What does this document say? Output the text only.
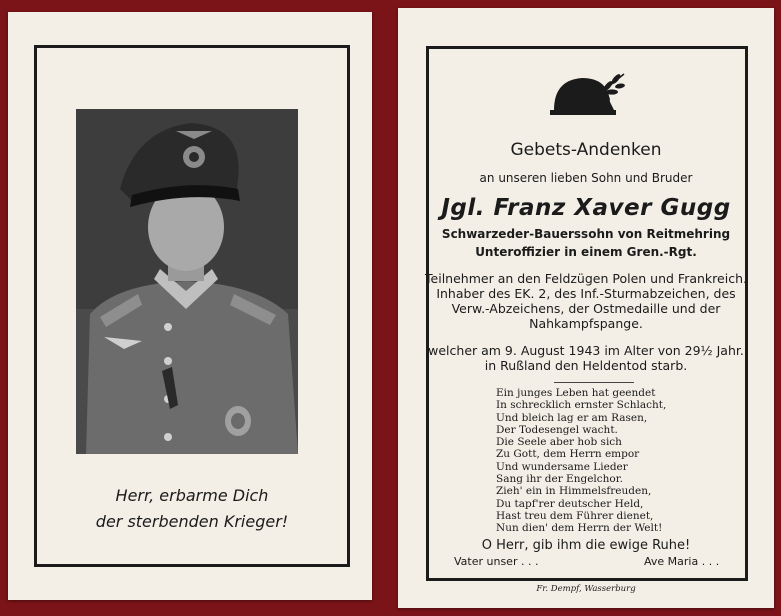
Herr, erbarme Dich
der sterbenden Krieger!
Gebets-Andenken
an unseren lieben Sohn und Bruder
Jgl. Franz Xaver Gugg
Schwarzeder-Bauerssohn von Reitmehring
Unteroffizier in einem Gren.-Rgt.
Teilnehmer an den Feldzügen Polen und Frankreich. Inhaber des EK. 2, des Inf.-Sturmabzeichen, des Verw.-Abzeichens, der Ostmedaille und der Nahkampfspange.
welcher am 9. August 1943 im Alter von 29½ Jahr. in Rußland den Heldentod starb.
Ein junges Leben hat geendet
In schrecklich ernster Schlacht,
Und bleich lag er am Rasen,
Der Todesengel wacht.
Die Seele aber hob sich
Zu Gott, dem Herrn empor
Und wundersame Lieder
Sang ihr der Engelchor.
Zieh' ein in Himmelsfreuden,
Du tapf'rer deutscher Held,
Hast treu dem Führer dienet,
Nun dien' dem Herrn der Welt!
O Herr, gib ihm die ewige Ruhe!
Vater unser . . .	Ave Maria . . .
Fr. Dempf, Wasserburg
